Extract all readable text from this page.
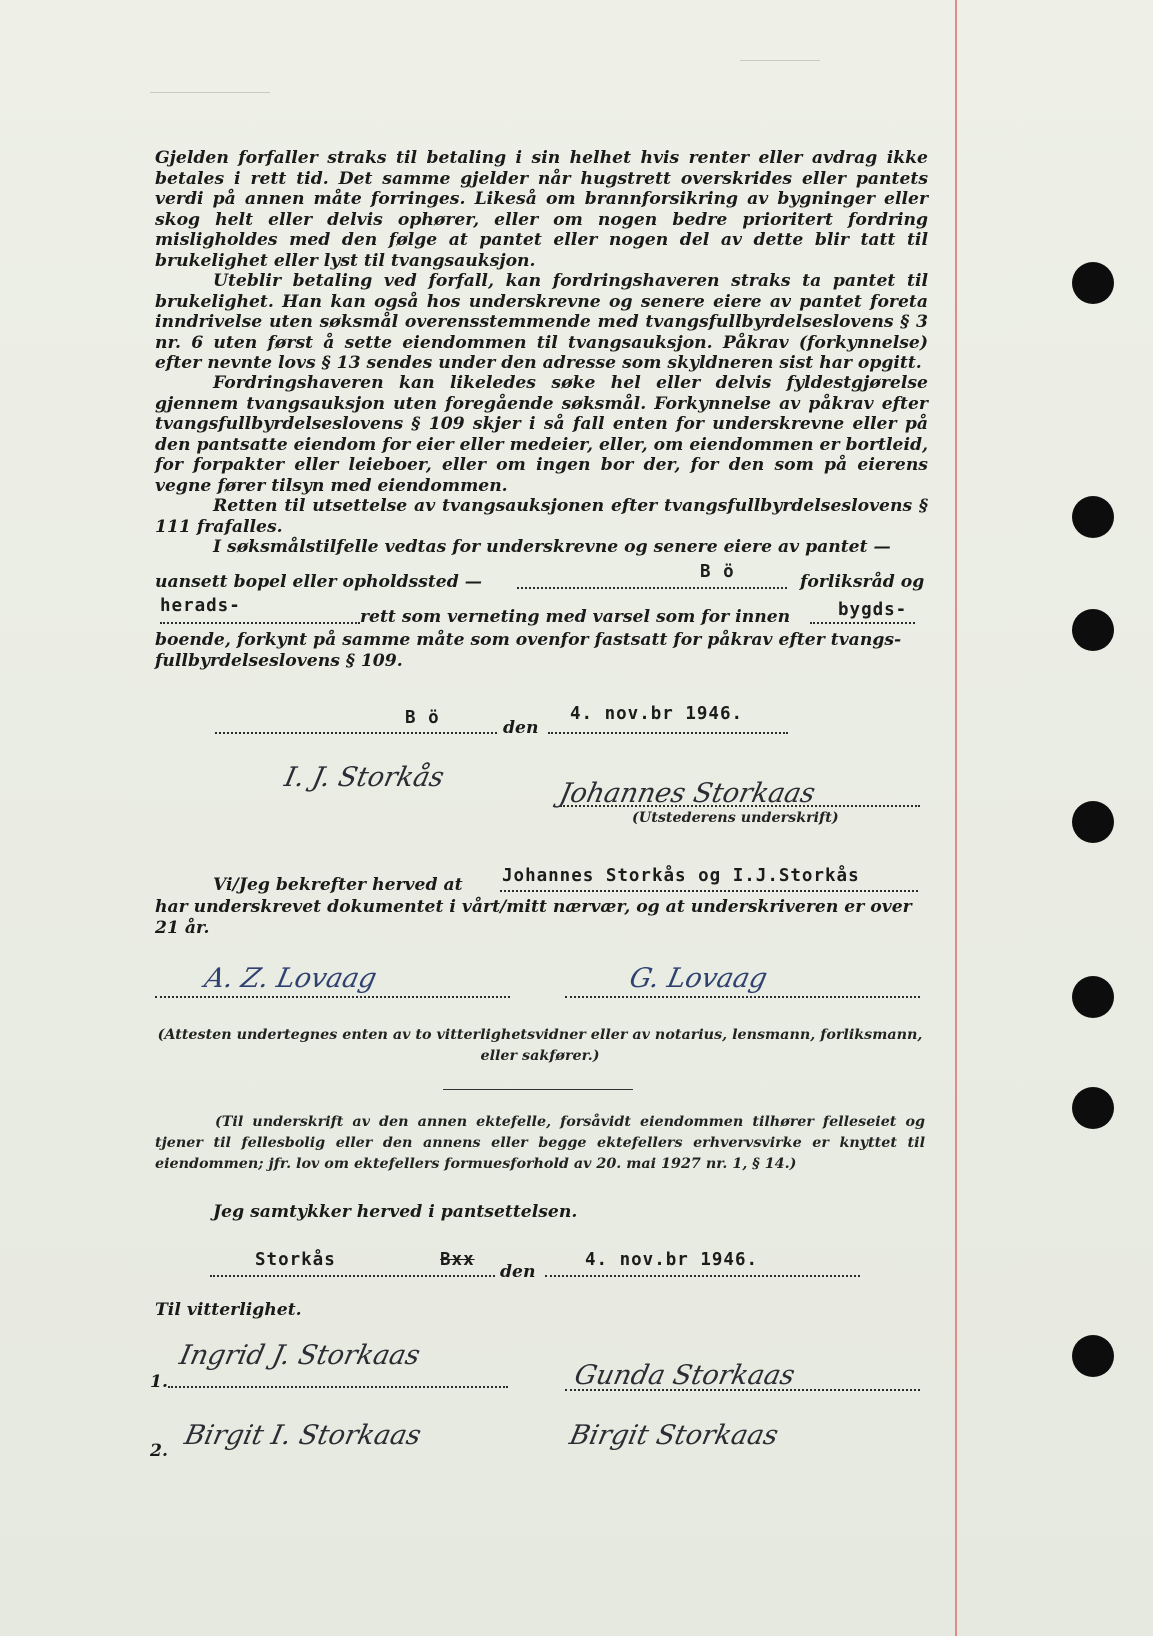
Gjelden forfaller straks til betaling i sin helhet hvis renter eller avdrag ikke betales i rett tid. Det samme gjelder når hugstrett overskrides eller pantets verdi på annen måte forringes. Likeså om brannforsikring av bygninger eller skog helt eller delvis ophører, eller om nogen bedre prioritert fordring misligholdes med den følge at pantet eller nogen del av dette blir tatt til brukelighet eller lyst til tvangsauksjon.

Uteblir betaling ved forfall, kan fordringshaveren straks ta pantet til brukelighet. Han kan også hos underskrevne og senere eiere av pantet foreta inndrivelse uten søksmål overensstemmende med tvangsfullbyrdelseslovens § 3 nr. 6 uten først å sette eiendommen til tvangsauksjon. Påkrav (forkynnelse) efter nevnte lovs § 13 sendes under den adresse som skyldneren sist har opgitt.

Fordringshaveren kan likeledes søke hel eller delvis fyldestgjørelse gjennem tvangsauksjon uten foregående søksmål. Forkynnelse av påkrav efter tvangsfullbyrdelseslovens § 109 skjer i så fall enten for underskrevne eller på den pantsatte eiendom for eier eller medeier, eller, om eiendommen er bortleid, for forpakter eller leieboer, eller om ingen bor der, for den som på eierens vegne fører tilsyn med eiendommen.

Retten til utsettelse av tvangsauksjonen efter tvangsfullbyrdelseslovens § 111 frafalles.

I søksmålstilfelle vedtas for underskrevne og senere eiere av pantet —
uansett bopel eller opholdssted —	B ö	forliksråd og
herads-
rett som verneting med varsel som for innen	bygds-
boende, forkynt på samme måte som ovenfor fastsatt for påkrav efter tvangs-
fullbyrdelseslovens § 109.
B ö	den
4. nov.br 1946.
I. J. Storkås
Johannes Storkaas
(Utstederens underskrift)
Vi/Jeg bekrefter herved at Johannes Storkås og I.J.Storkås
har underskrevet dokumentet i vårt/mitt nærvær, og at underskriveren er over
21 år.
A. Z. Lovaag	G. Lovaag

(Attesten undertegnes enten av to vitterlighetsvidner eller av notarius, lensmann, forliksmann, eller sakfører.)

(Til underskrift av den annen ektefelle, forsåvidt eiendommen tilhører felleseiet og tjener til fellesbolig eller den annens eller begge ektefellers erhvervsvirke er knyttet til eiendommen; jfr. lov om ektefellers formuesforhold av 20. mai 1927 nr. 1, § 14.)

Jeg samtykker herved i pantsettelsen.
Storkås	Bxx
den
4. nov.br 1946.
Til vitterlighet.
1.
Ingrid J. Storkaas
Gunda Storkaas
2. Birgit I. Storkaas	Birgit Storkaas
